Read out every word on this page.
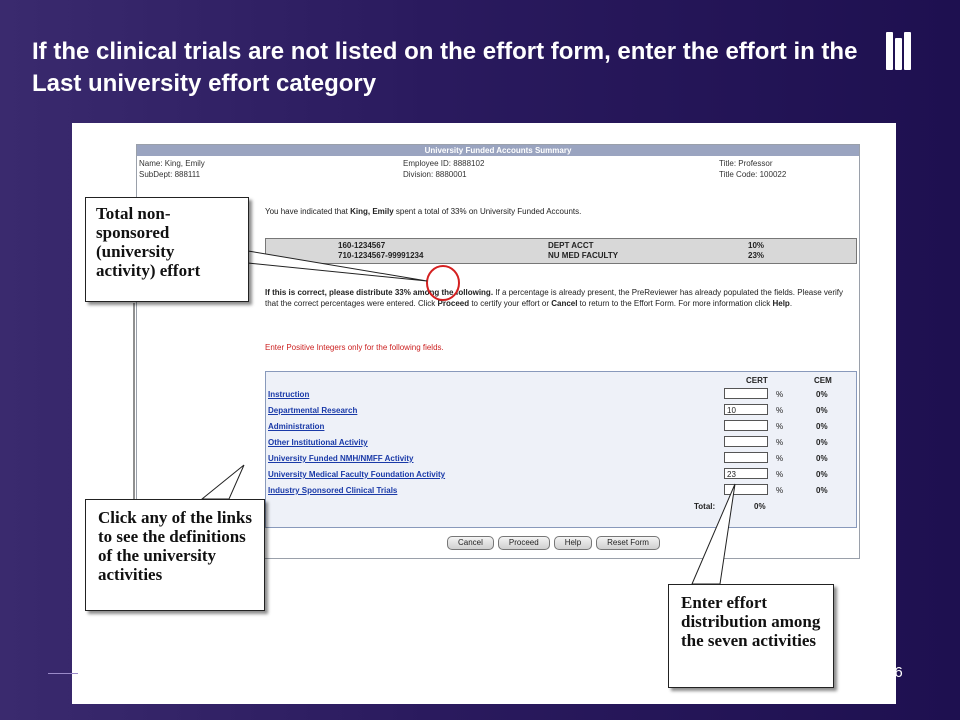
If the clinical trials are not listed on the effort form, enter the effort in the Last university effort category
University Funded Accounts Summary
Name: King, Emily
SubDept: 888111
Employee ID: 8888102
Division: 8880001
Title: Professor
Title Code: 100022
You have indicated that King, Emily spent a total of 33% on University Funded Accounts.
160-1234567	DEPT ACCT	10%
710-1234567-99991234	NU MED FACULTY	23%
If this is correct, please distribute 33% among the following. If a percentage is already present, the PreReviewer has already populated the fields. Please verify that the correct percentages were entered. Click Proceed to certify your effort or Cancel to return to the Effort Form. For more information click Help.
Enter Positive Integers only for the following fields.
CERT	CEM
Instruction	%	0%
Departmental Research	10	%	0%
Administration	%	0%
Other Institutional Activity	%	0%
University Funded NMH/NMFF Activity	%	0%
University Medical Faculty Foundation Activity	23	%	0%
Industry Sponsored Clinical Trials	%	0%
Total:	0%
Cancel	Proceed	Help	Reset Form
Total non-sponsored (university activity) effort
Click any of the links to see the definitions of the university activities
Enter effort distribution among the seven activities
96
